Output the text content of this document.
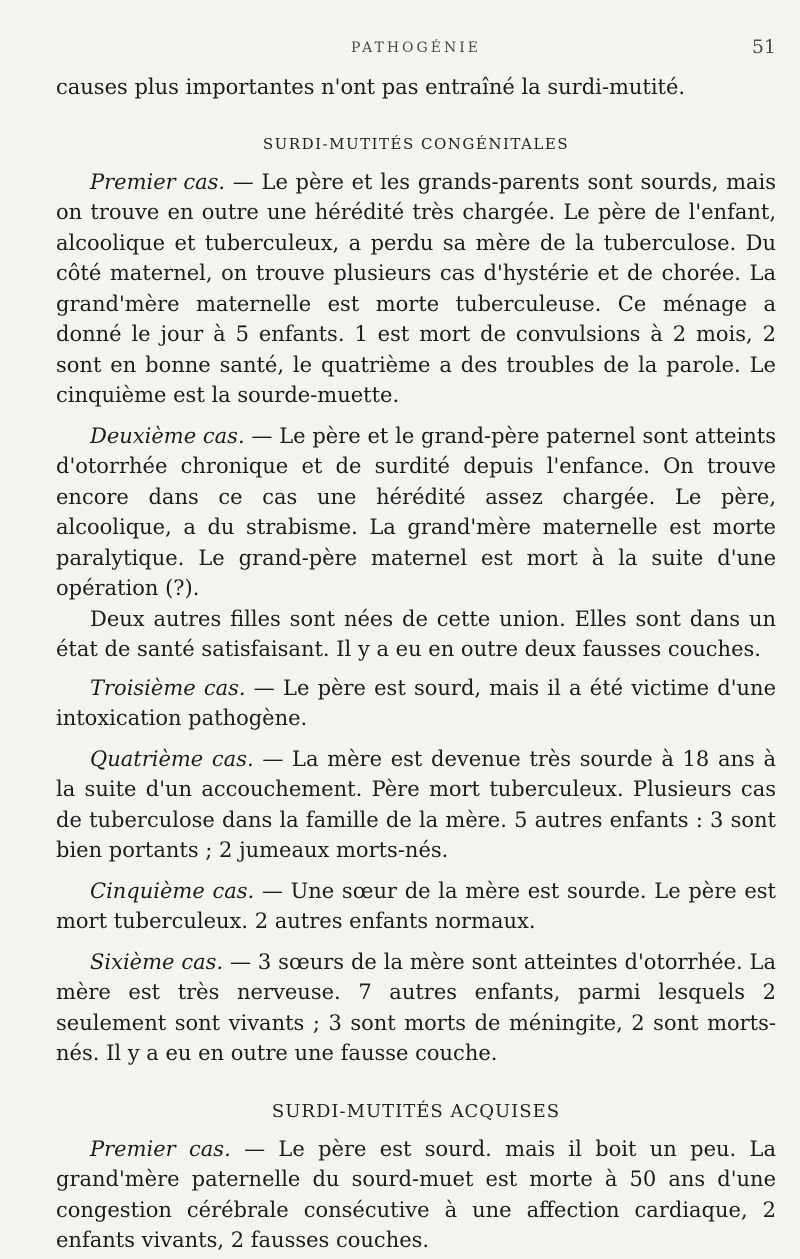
PATHOGÉNIE	51

causes plus importantes n'ont pas entraîné la surdi-mutité.

SURDI-MUTITÉS CONGÉNITALES

Premier cas. — Le père et les grands-parents sont sourds, mais on trouve en outre une hérédité très chargée. Le père de l'enfant, alcoolique et tuberculeux, a perdu sa mère de la tuberculose. Du côté maternel, on trouve plusieurs cas d'hystérie et de chorée. La grand'mère maternelle est morte tuberculeuse. Ce ménage a donné le jour à 5 enfants. 1 est mort de convulsions à 2 mois, 2 sont en bonne santé, le quatrième a des troubles de la parole. Le cinquième est la sourde-muette.

Deuxième cas. — Le père et le grand-père paternel sont atteints d'otorrhée chronique et de surdité depuis l'enfance. On trouve encore dans ce cas une hérédité assez chargée. Le père, alcoolique, a du strabisme. La grand'mère maternelle est morte paralytique. Le grand-père maternel est mort à la suite d'une opération (?).

Deux autres filles sont nées de cette union. Elles sont dans un état de santé satisfaisant. Il y a eu en outre deux fausses couches.

Troisième cas. — Le père est sourd, mais il a été victime d'une intoxication pathogène.

Quatrième cas. — La mère est devenue très sourde à 18 ans à la suite d'un accouchement. Père mort tuberculeux. Plusieurs cas de tuberculose dans la famille de la mère. 5 autres enfants : 3 sont bien portants ; 2 jumeaux morts-nés.

Cinquième cas. — Une sœur de la mère est sourde. Le père est mort tuberculeux. 2 autres enfants normaux.

Sixième cas. — 3 sœurs de la mère sont atteintes d'otorrhée. La mère est très nerveuse. 7 autres enfants, parmi lesquels 2 seulement sont vivants ; 3 sont morts de méningite, 2 sont morts-nés. Il y a eu en outre une fausse couche.

SURDI-MUTITÉS ACQUISES

Premier cas. — Le père est sourd. mais il boit un peu. La grand'mère paternelle du sourd-muet est morte à 50 ans d'une congestion cérébrale consécutive à une affection cardiaque, 2 enfants vivants, 2 fausses couches.
